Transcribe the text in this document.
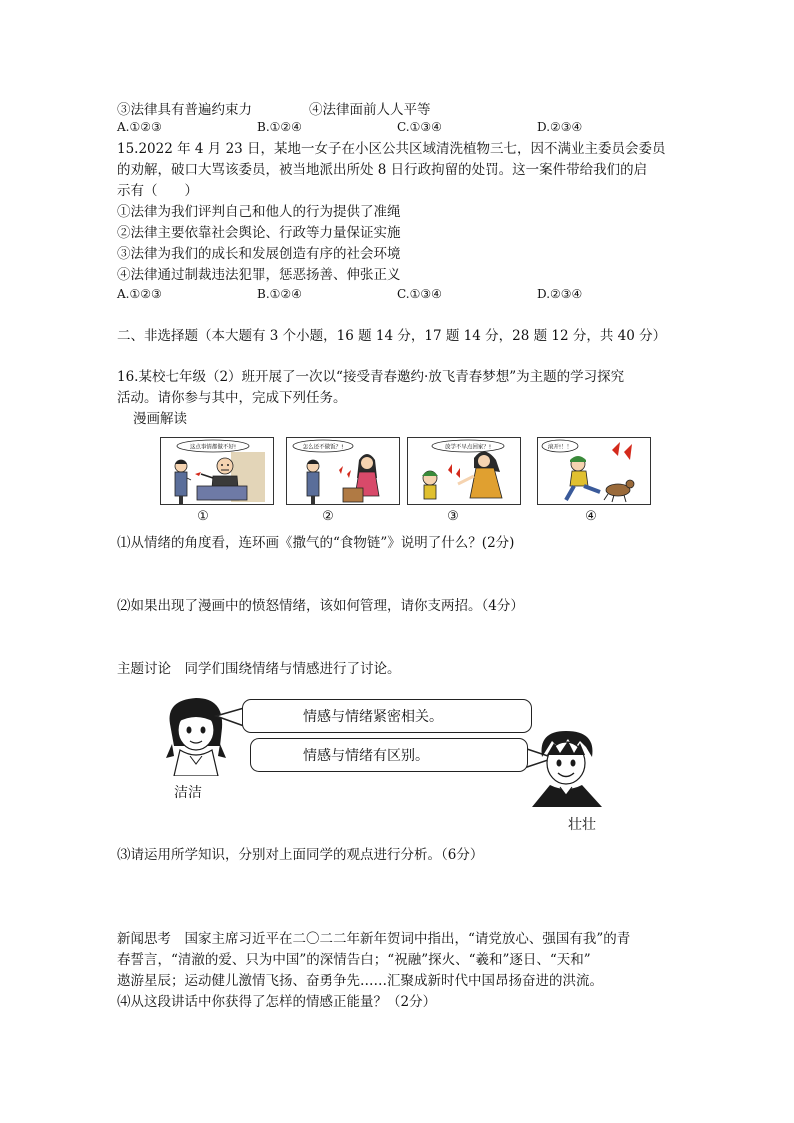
③法律具有普遍约束力	④法律面前人人平等
A.①②③	B.①②④	C.①③④	D.②③④
15.2022 年 4 月 23 日，某地一女子在小区公共区域清洗植物三七，因不满业主委员会委员
的劝解，破口大骂该委员，被当地派出所处 8 日行政拘留的处罚。这一案件带给我们的启
示有（　　）
①法律为我们评判自己和他人的行为提供了准绳
②法律主要依靠社会舆论、行政等力量保证实施
③法律为我们的成长和发展创造有序的社会环境
④法律通过制裁违法犯罪，惩恶扬善、伸张正义
A.①②③	B.①②④	C.①③④	D.②③④
二、非选择题（本大题有 3 个小题，16 题 14 分，17 题 14 分，28 题 12 分，共 40 分）
16.某校七年级（2）班开展了一次以“接受青春邀约·放飞青春梦想”为主题的学习探究
活动。请你参与其中，完成下列任务。
漫画解读
这点事情都做不好!
①
怎么还不做饭？!
②
放学不早点回家？!
③
滚开!！！
④
⑴从情绪的角度看，连环画《撒气的“食物链”》说明了什么？(2分)
⑵如果出现了漫画中的愤怒情绪，该如何管理，请你支两招。（4分）
主题讨论　同学们围绕情绪与情感进行了讨论。
洁洁
情感与情绪紧密相关。
情感与情绪有区别。
壮壮
⑶请运用所学知识，分别对上面同学的观点进行分析。（6分）
新闻思考　国家主席习近平在二〇二二年新年贺词中指出，“请党放心、强国有我”的青
春誓言，“清澈的爱、只为中国”的深情告白；“祝融”探火、“羲和”逐日、“天和”
遨游星辰；运动健儿激情飞扬、奋勇争先……汇聚成新时代中国昂扬奋进的洪流。
⑷从这段讲话中你获得了怎样的情感正能量？（2分）
